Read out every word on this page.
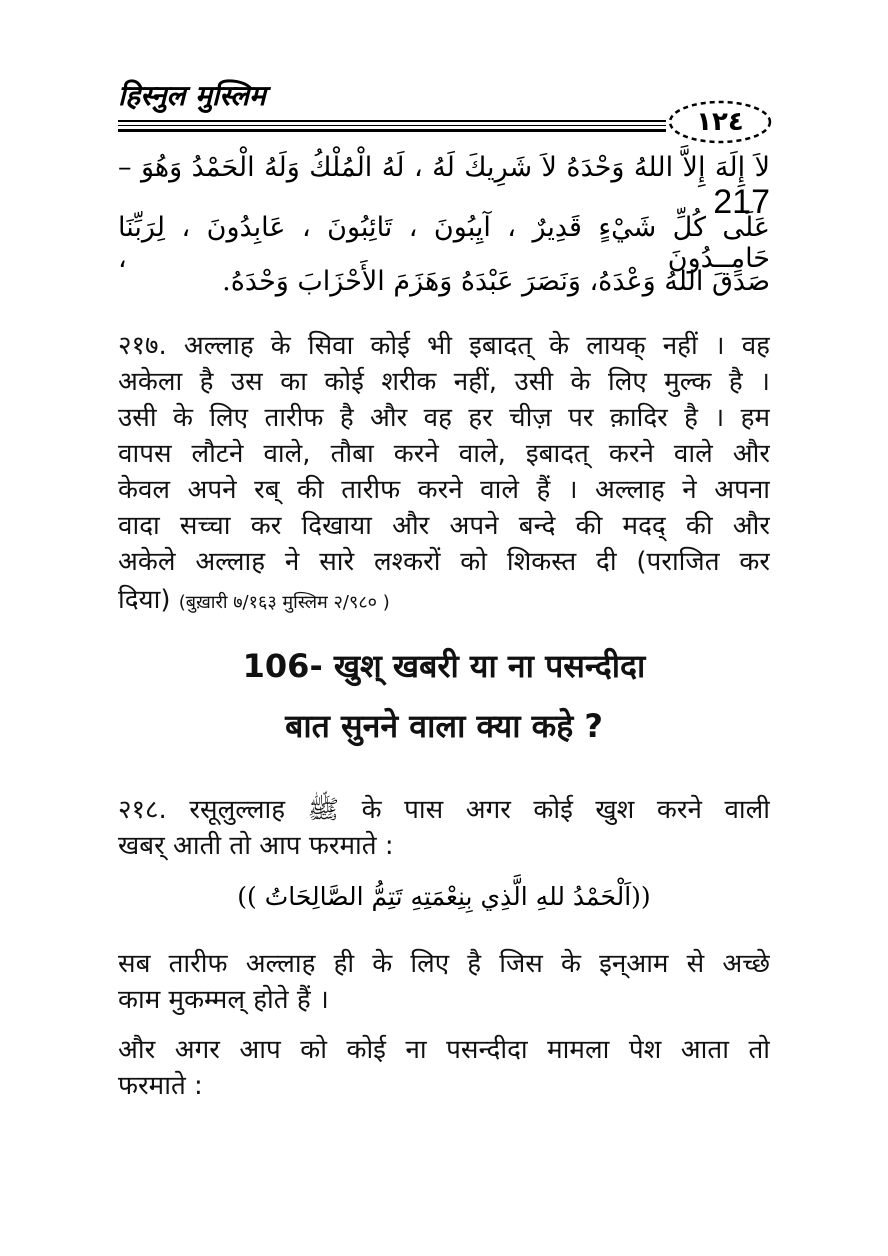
हिस्नुल मुस्लिम
١٢٤
لاَ إِلَهَ إِلاَّ اللهُ وَحْدَهُ لاَ شَرِيكَ لَهُ ، لَهُ الْمُلْكُ وَلَهُ الْحَمْدُ وَهُوَ – 217
عَلَى كُلِّ شَيْءٍ قَدِيرٌ ، آيِبُونَ ، تَائِبُونَ ، عَابِدُونَ ، لِرَبِّنَا حَامِــدُونَ ،
صَدَقَ اللهُ وَعْدَهُ، وَنَصَرَ عَبْدَهُ وَهَزَمَ الأَحْزَابَ وَحْدَهُ.
२१७. अल्लाह के सिवा कोई भी इबादत् के लायक् नहीं । वह
अकेला है उस का कोई शरीक नहीं, उसी के लिए मुल्क है ।
उसी के लिए तारीफ है और वह हर चीज़ पर क़ादिर है । हम
वापस लौटने वाले, तौबा करने वाले, इबादत् करने वाले और
केवल अपने रब् की तारीफ करने वाले हैं । अल्लाह ने अपना
वादा सच्चा कर दिखाया और अपने बन्दे की मदद् की और
अकेले अल्लाह ने सारे लश्करों को शिकस्त दी (पराजित कर
दिया) (बुख़ारी ७/१६३ मुस्लिम २/९८० )
106- खुश् खबरी या ना पसन्दीदा
बात सुनने वाला क्या कहे ?
२१८. रसूलुल्लाह ﷺ के पास अगर कोई खुश करने वाली
खबर् आती तो आप फरमाते :
((اَلْحَمْدُ للهِ الَّذِي بِنِعْمَتِهِ تَتِمُّ الصَّالِحَاتُ ))
सब तारीफ अल्लाह ही के लिए है जिस के इन्आम से अच्छे
काम मुकम्मल् होते हैं ।
और अगर आप को कोई ना पसन्दीदा मामला पेश आता तो
फरमाते :
